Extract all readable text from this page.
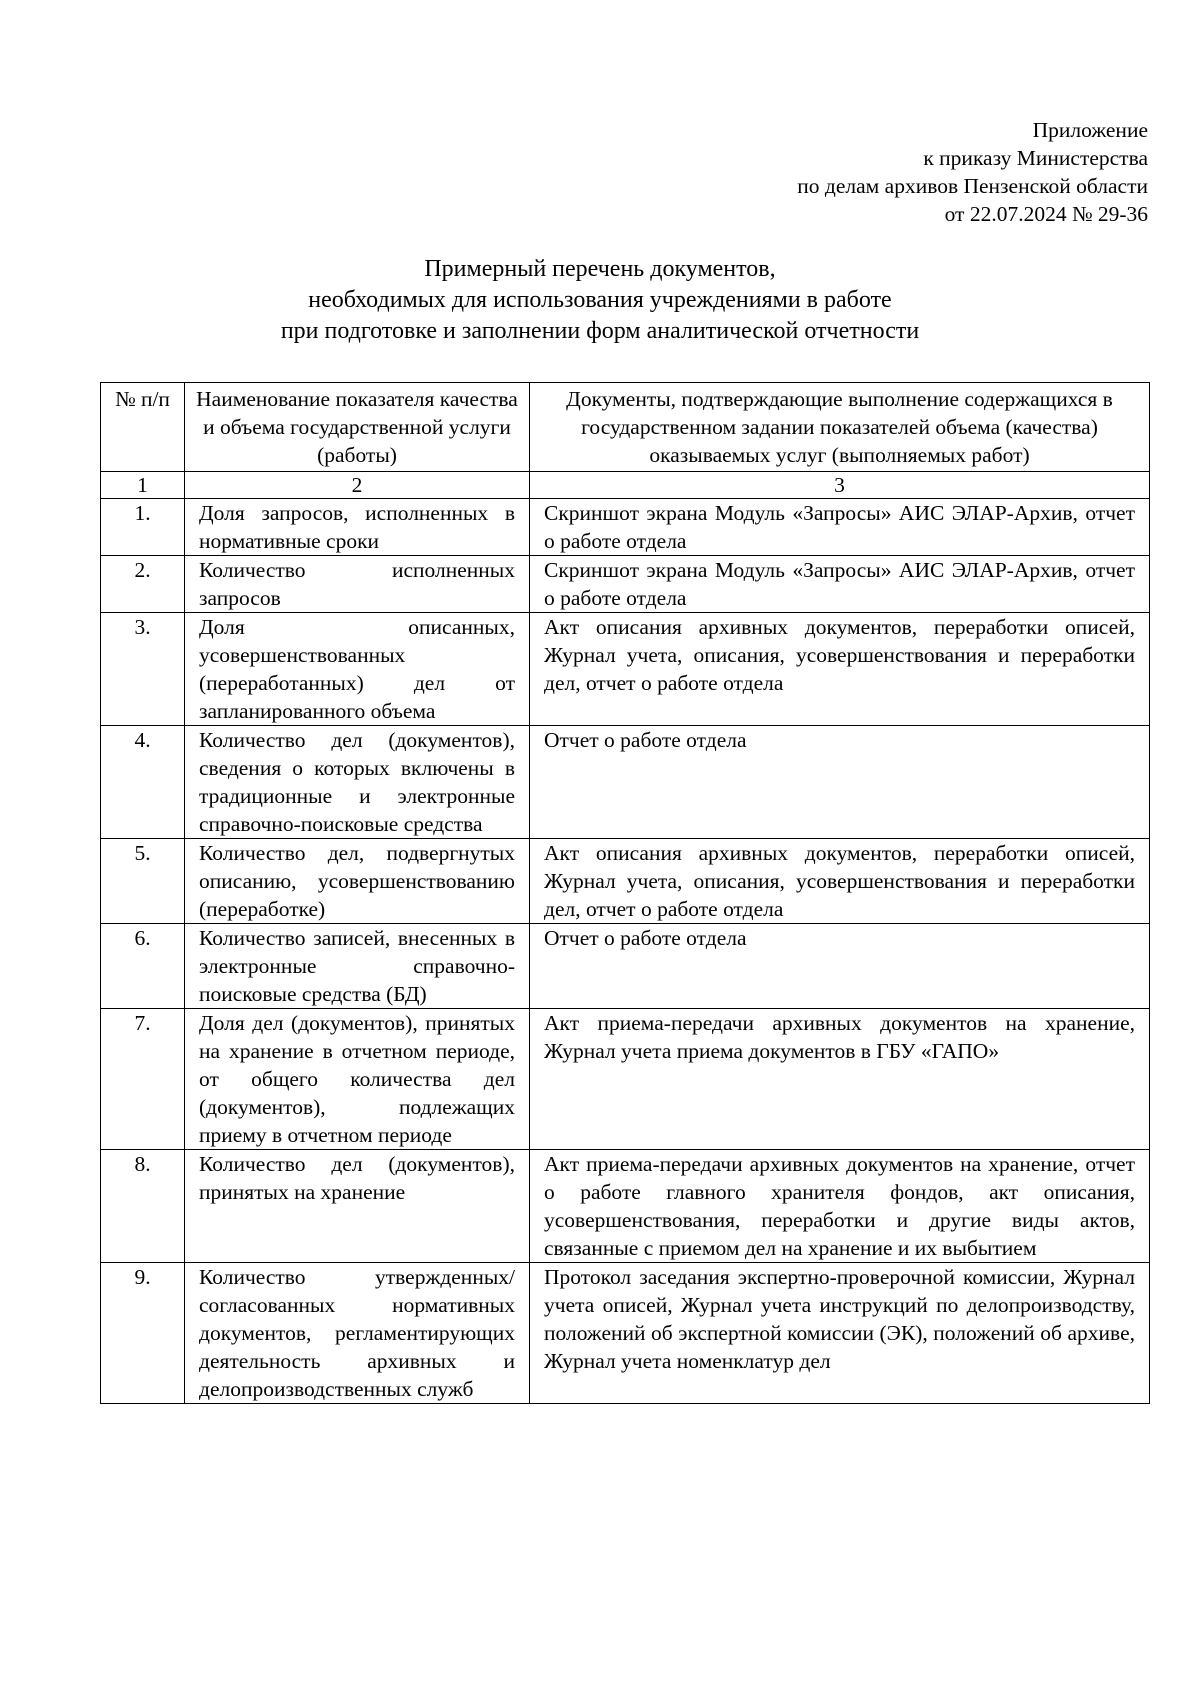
Приложение
к приказу Министерства
по делам архивов Пензенской области
от 22.07.2024 № 29-36
Примерный перечень документов,
необходимых для использования учреждениями в работе
при подготовке и заполнении форм аналитической отчетности
№ п/п	Наименование показателя качества и объема государственной услуги (работы)	Документы, подтверждающие выполнение содержащихся в государственном задании показателей объема (качества) оказываемых услуг (выполняемых работ)
1	2	3
1.	Доля запросов, исполненных в нормативные сроки	Скриншот экрана Модуль «Запросы» АИС ЭЛАР-Архив, отчет о работе отдела
2.	Количество исполненных запросов	Скриншот экрана Модуль «Запросы» АИС ЭЛАР-Архив, отчет о работе отдела
3.	Доля описанных, усовершенствованных (переработанных) дел от запланированного объема	Акт описания архивных документов, переработки описей, Журнал учета, описания, усовершенствования и переработки дел, отчет о работе отдела
4.	Количество дел (документов), сведения о которых включены в традиционные и электронные справочно-поисковые средства	Отчет о работе отдела
5.	Количество дел, подвергнутых описанию, усовершенствованию (переработке)	Акт описания архивных документов, переработки описей, Журнал учета, описания, усовершенствования и переработки дел, отчет о работе отдела
6.	Количество записей, внесенных в электронные справочно-поисковые средства (БД)	Отчет о работе отдела
7.	Доля дел (документов), принятых на хранение в отчетном периоде, от общего количества дел (документов), подлежащих приему в отчетном периоде	Акт приема-передачи архивных документов на хранение, Журнал учета приема документов в ГБУ «ГАПО»
8.	Количество дел (документов), принятых на хранение	Акт приема-передачи архивных документов на хранение, отчет о работе главного хранителя фондов, акт описания, усовершенствования, переработки и другие виды актов, связанные с приемом дел на хранение и их выбытием
9.	Количество утвержденных/согласованных нормативных документов, регламентирующих деятельность архивных и делопроизводственных служб	Протокол заседания экспертно-проверочной комиссии, Журнал учета описей, Журнал учета инструкций по делопроизводству, положений об экспертной комиссии (ЭК), положений об архиве, Журнал учета номенклатур дел
